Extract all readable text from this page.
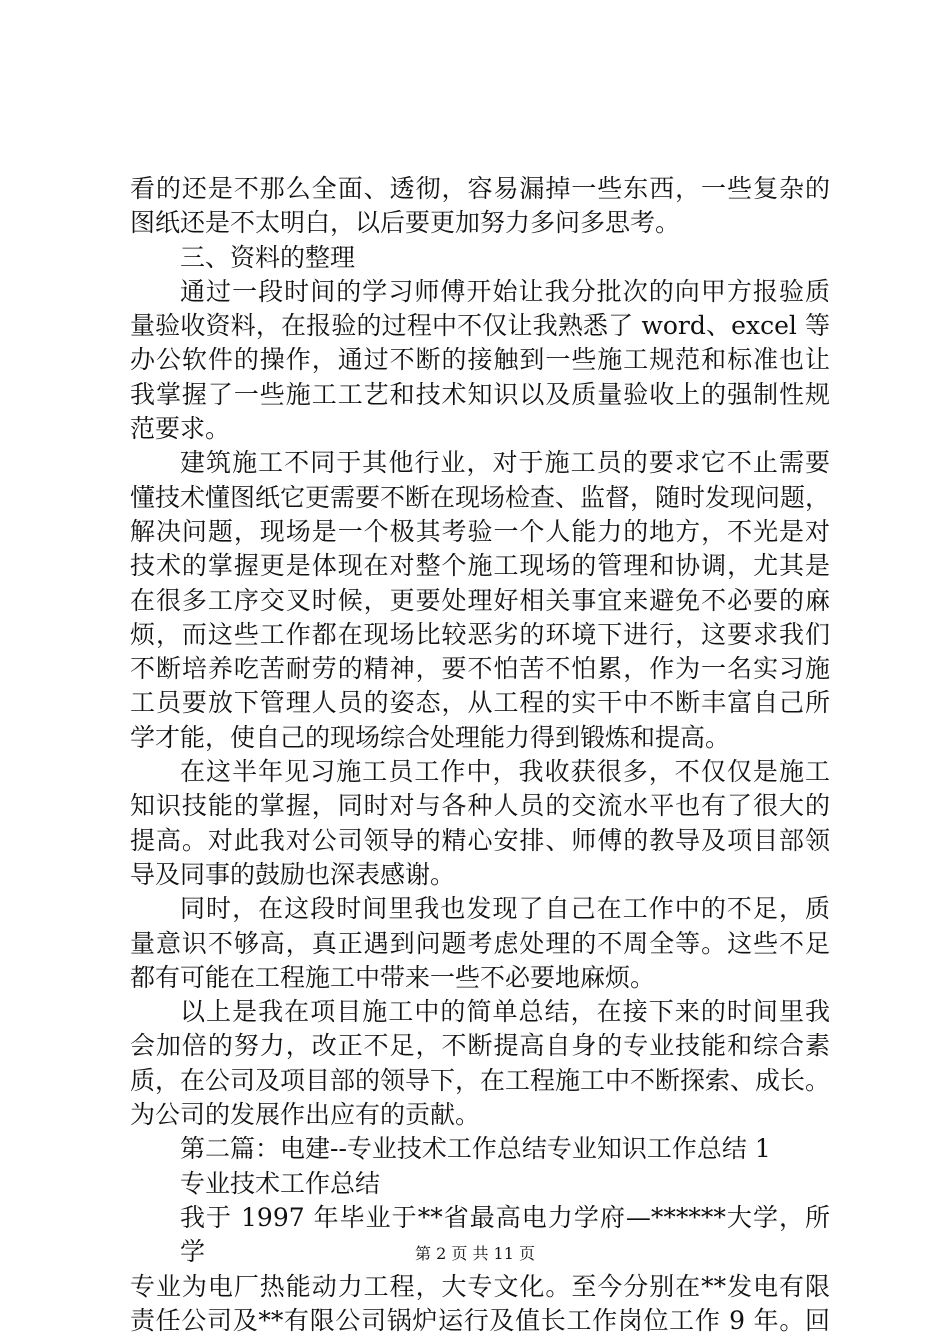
看的还是不那么全面、透彻，容易漏掉一些东西，一些复杂的
图纸还是不太明白，以后要更加努力多问多思考。
三、资料的整理
通过一段时间的学习师傅开始让我分批次的向甲方报验质
量验收资料，在报验的过程中不仅让我熟悉了 word、excel 等
办公软件的操作，通过不断的接触到一些施工规范和标准也让
我掌握了一些施工工艺和技术知识以及质量验收上的强制性规
范要求。
建筑施工不同于其他行业，对于施工员的要求它不止需要
懂技术懂图纸它更需要不断在现场检查、监督，随时发现问题，
解决问题，现场是一个极其考验一个人能力的地方，不光是对
技术的掌握更是体现在对整个施工现场的管理和协调，尤其是
在很多工序交叉时候，更要处理好相关事宜来避免不必要的麻
烦，而这些工作都在现场比较恶劣的环境下进行，这要求我们
不断培养吃苦耐劳的精神，要不怕苦不怕累，作为一名实习施
工员要放下管理人员的姿态，从工程的实干中不断丰富自己所
学才能，使自己的现场综合处理能力得到锻炼和提高。
在这半年见习施工员工作中，我收获很多，不仅仅是施工
知识技能的掌握，同时对与各种人员的交流水平也有了很大的
提高。对此我对公司领导的精心安排、师傅的教导及项目部领
导及同事的鼓励也深表感谢。
同时，在这段时间里我也发现了自己在工作中的不足，质
量意识不够高，真正遇到问题考虑处理的不周全等。这些不足
都有可能在工程施工中带来一些不必要地麻烦。
以上是我在项目施工中的简单总结，在接下来的时间里我
会加倍的努力，改正不足，不断提高自身的专业技能和综合素
质，在公司及项目部的领导下，在工程施工中不断探索、成长。
为公司的发展作出应有的贡献。
第二篇：电建--专业技术工作总结专业知识工作总结 1
专业技术工作总结
我于 1997 年毕业于**省最高电力学府—******大学，所学
专业为电厂热能动力工程，大专文化。至今分别在**发电有限
责任公司及**有限公司锅炉运行及值长工作岗位工作 9 年。回
第 2 页 共 11 页
